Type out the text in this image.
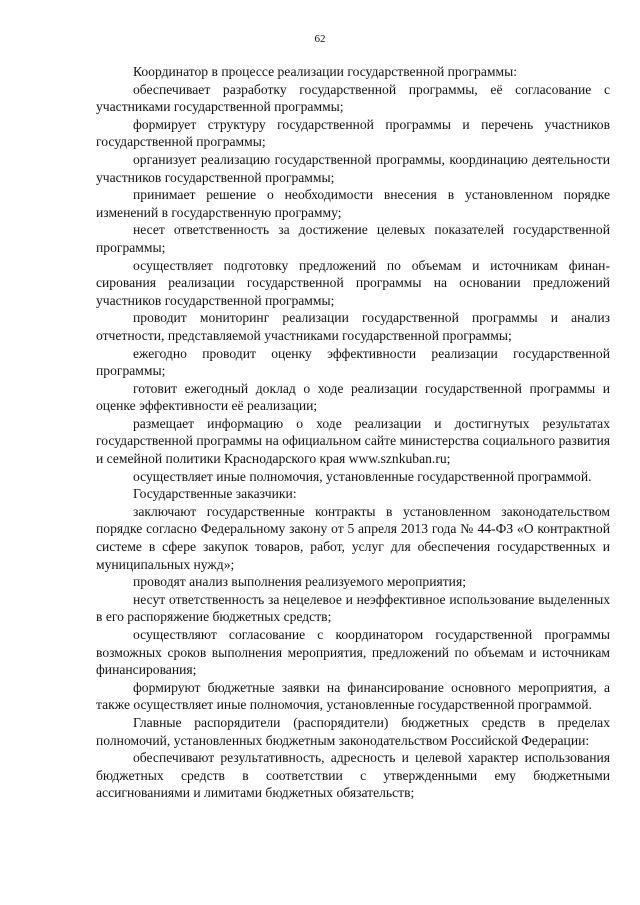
62

Координатор в процессе реализации государственной программы:

обеспечивает разработку государственной программы, её согласование с участниками государственной программы;

формирует структуру государственной программы и перечень участников государственной программы;

организует реализацию государственной программы, координацию деятельности участников государственной программы;

принимает решение о необходимости внесения в установленном порядке изменений в государственную программу;

несет ответственность за достижение целевых показателей государственной программы;

осуществляет подготовку предложений по объемам и источникам финансирования реализации государственной программы на основании предложений участников государственной программы;

проводит мониторинг реализации государственной программы и анализ отчетности, представляемой участниками государственной программы;

ежегодно проводит оценку эффективности реализации государственной программы;

готовит ежегодный доклад о ходе реализации государственной программы и оценке эффективности её реализации;

размещает информацию о ходе реализации и достигнутых результатах государственной программы на официальном сайте министерства социального развития и семейной политики Краснодарского края www.sznkuban.ru;

осуществляет иные полномочия, установленные государственной программой.

Государственные заказчики:

заключают государственные контракты в установленном законодательством порядке согласно Федеральному закону от 5 апреля 2013 года № 44-ФЗ «О контрактной системе в сфере закупок товаров, работ, услуг для обеспечения государственных и муниципальных нужд»;

проводят анализ выполнения реализуемого мероприятия;

несут ответственность за нецелевое и неэффективное использование выделенных в его распоряжение бюджетных средств;

осуществляют согласование с координатором государственной программы возможных сроков выполнения мероприятия, предложений по объемам и источникам финансирования;

формируют бюджетные заявки на финансирование основного мероприятия, а также осуществляет иные полномочия, установленные государственной программой.

Главные распорядители (распорядители) бюджетных средств в пределах полномочий, установленных бюджетным законодательством Российской Федерации:

обеспечивают результативность, адресность и целевой характер использования бюджетных средств в соответствии с утвержденными ему бюджетными ассигнованиями и лимитами бюджетных обязательств;
